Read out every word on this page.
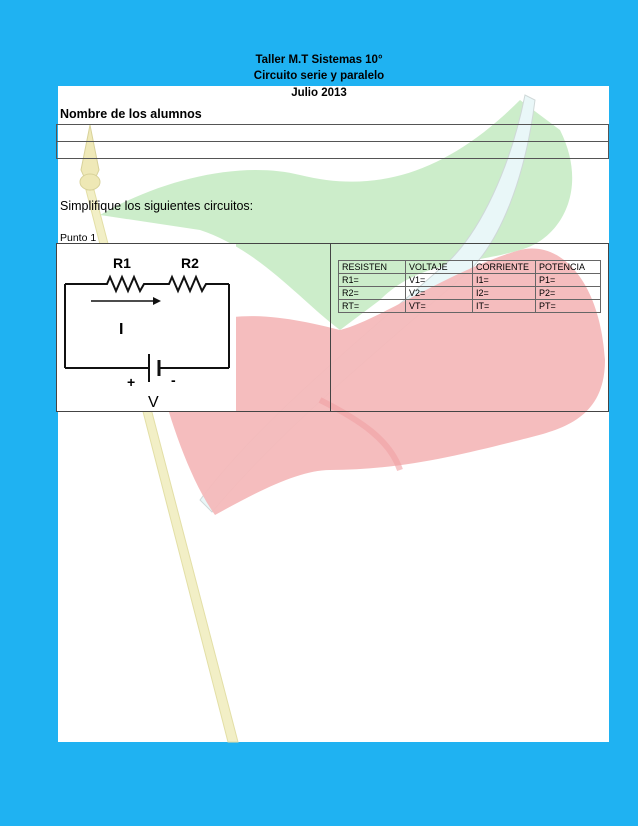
Taller M.T Sistemas 10°
Circuito serie y paralelo
Julio 2013
Nombre de los alumnos
Simplifique los siguientes circuitos:
Punto 1
R1	R2
I
+	-
V
RESISTEN	VOLTAJE	CORRIENTE	POTENCIA
R1=	V1=	I1=	P1=
R2=	V2=	I2=	P2=
RT=	VT=	IT=	PT=
